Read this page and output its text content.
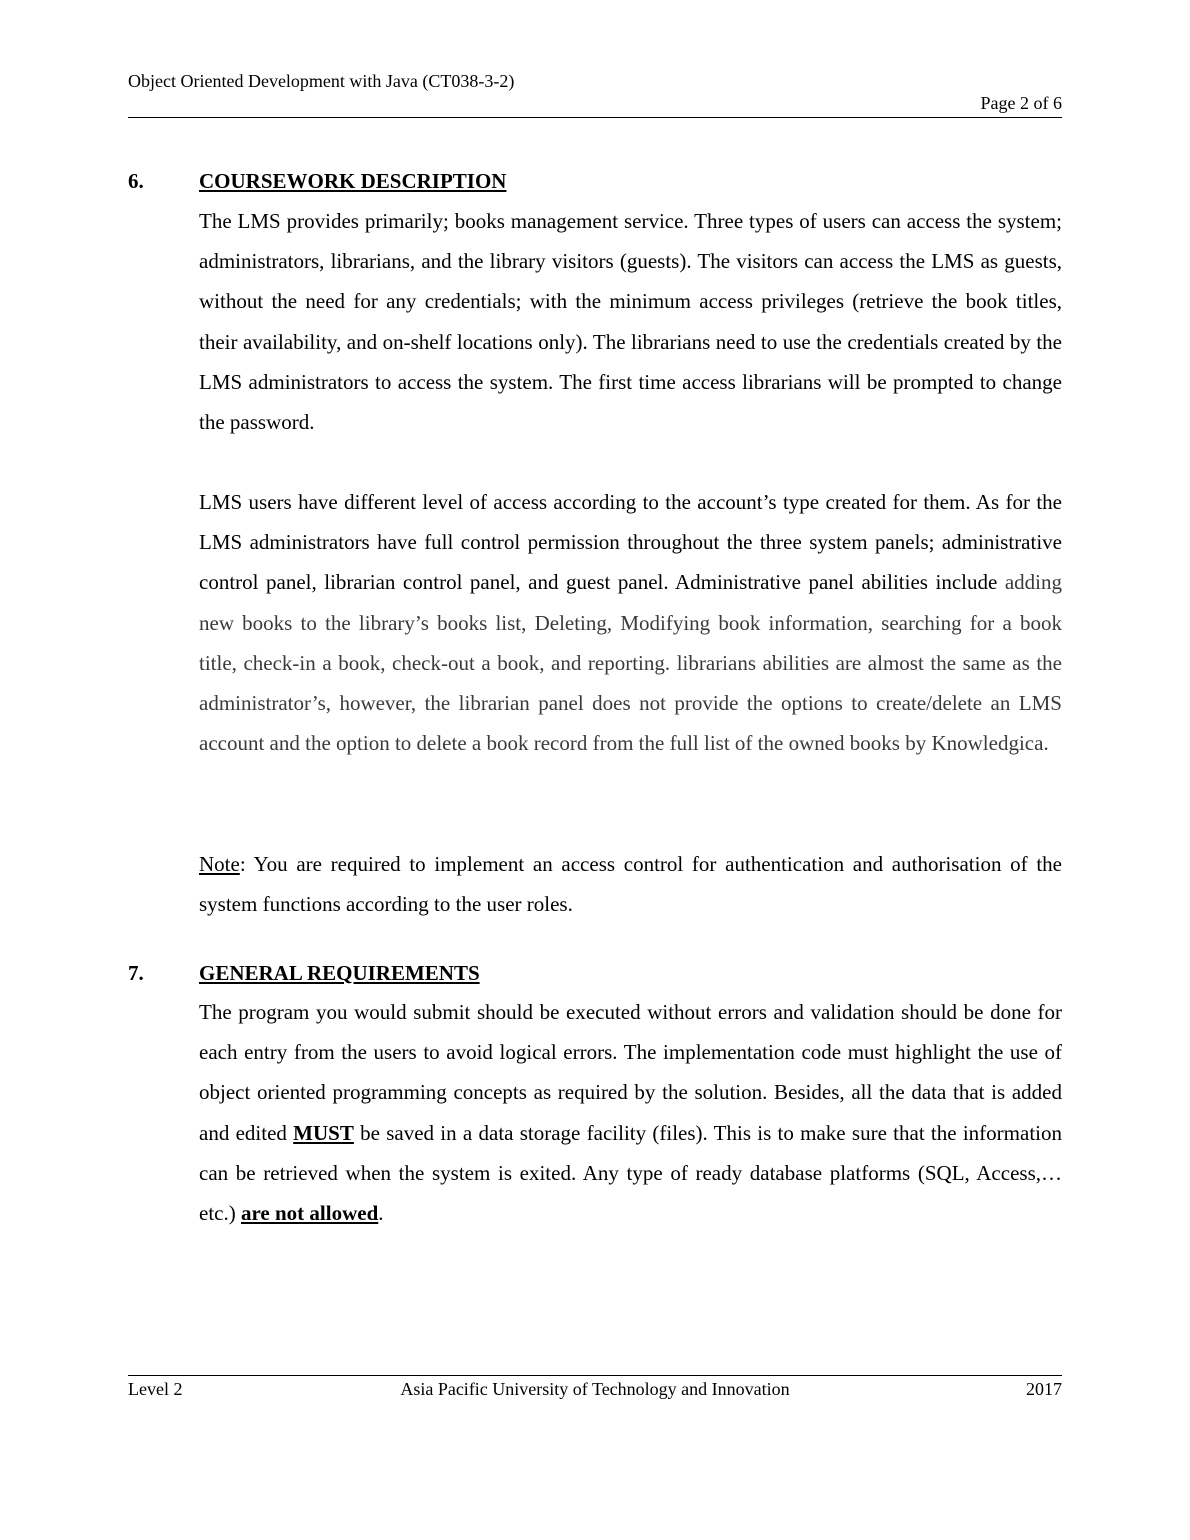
Object Oriented Development with Java (CT038-3-2)
Page 2 of 6
6.	COURSEWORK DESCRIPTION

The LMS provides primarily; books management service. Three types of users can access the system; administrators, librarians, and the library visitors (guests). The visitors can access the LMS as guests, without the need for any credentials; with the minimum access privileges (retrieve the book titles, their availability, and on-shelf locations only). The librarians need to use the credentials created by the LMS administrators to access the system. The first time access librarians will be prompted to change the password.

LMS users have different level of access according to the account’s type created for them. As for the LMS administrators have full control permission throughout the three system panels; administrative control panel, librarian control panel, and guest panel. Administrative panel abilities include adding new books to the library’s books list, Deleting, Modifying book information, searching for a book title, check-in a book, check-out a book, and reporting. librarians abilities are almost the same as the administrator’s, however, the librarian panel does not provide the options to create/delete an LMS account and the option to delete a book record from the full list of the owned books by Knowledgica.

Note: You are required to implement an access control for authentication and authorisation of the system functions according to the user roles.

7.	GENERAL REQUIREMENTS

The program you would submit should be executed without errors and validation should be done for each entry from the users to avoid logical errors. The implementation code must highlight the use of object oriented programming concepts as required by the solution. Besides, all the data that is added and edited MUST be saved in a data storage facility (files). This is to make sure that the information can be retrieved when the system is exited. Any type of ready database platforms (SQL, Access,…etc.) are not allowed.

Level 2	Asia Pacific University of Technology and Innovation	2017
